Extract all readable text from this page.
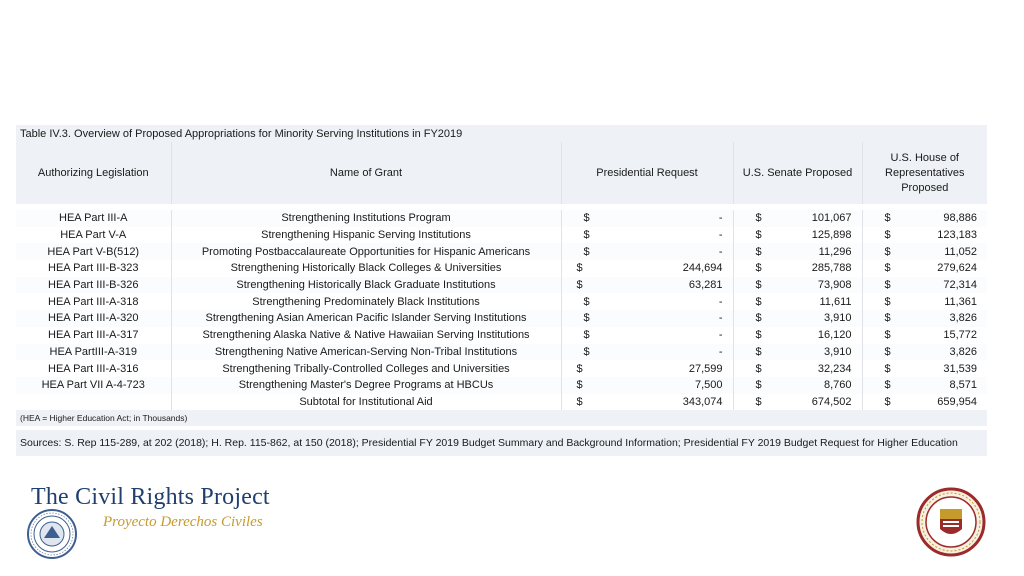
Table IV.3. Overview of Proposed Appropriations for Minority Serving Institutions in FY2019							
Authorizing Legislation	Name of Grant	Presidential Request		U.S. Senate Proposed		U.S. House of Representatives Proposed	

HEA Part III-A	Strengthening Institutions Program	$	-	$	101,067	$	98,886
HEA Part V-A	Strengthening Hispanic Serving Institutions	$	-	$	125,898	$	123,183
HEA Part V-B(512)	Promoting Postbaccalaureate Opportunities for Hispanic Americans	$	-	$	11,296	$	11,052
HEA Part III-B-323	Strengthening Historically Black Colleges & Universities	$	244,694	$	285,788	$	279,624
HEA Part III-B-326	Strengthening Historically Black Graduate Institutions	$	63,281	$	73,908	$	72,314
HEA Part III-A-318	Strengthening Predominately Black Institutions	$	-	$	11,611	$	11,361
HEA Part III-A-320	Strengthening Asian American Pacific Islander Serving Institutions	$	-	$	3,910	$	3,826
HEA Part III-A-317	Strengthening Alaska Native & Native Hawaiian Serving Institutions	$	-	$	16,120	$	15,772
HEA PartIII-A-319	Strengthening Native American-Serving Non-Tribal Institutions	$	-	$	3,910	$	3,826
HEA Part III-A-316	Strengthening Tribally-Controlled Colleges and Universities	$	27,599	$	32,234	$	31,539
HEA Part VII A-4-723	Strengthening Master's Degree Programs at HBCUs	$	7,500	$	8,760	$	8,571
	Subtotal for Institutional Aid	$	343,074	$	674,502	$	659,954
(HEA = Higher Education Act; in Thousands)							

Sources: S. Rep 115-289, at 202 (2018); H. Rep. 115-862, at 150 (2018); Presidential FY 2019 Budget Summary and Background Information; Presidential FY 2019 Budget Request for Higher Education							
The Civil Rights Project
Proyecto Derechos Civiles
